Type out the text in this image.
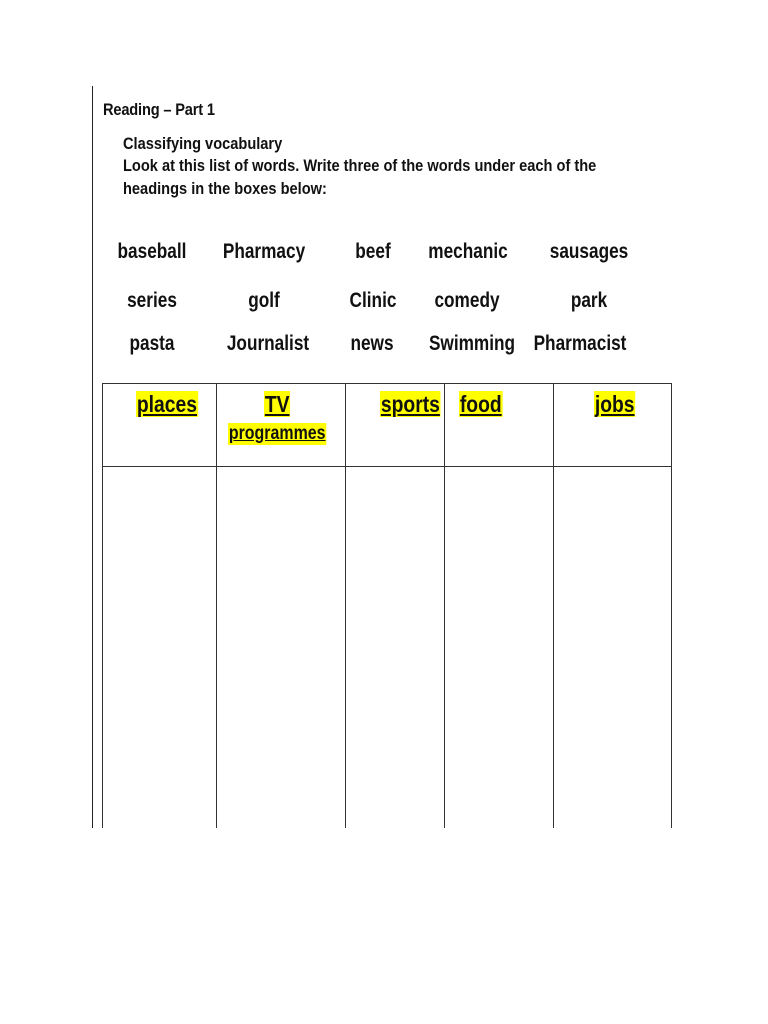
Reading – Part 1
Classifying vocabulary
Look at this list of words. Write three of the words under each of the
headings in the boxes below:
baseball Pharmacy beef mechanic sausages
series	golf	Clinic comedy	park
pasta Journalist news Swimming Pharmacist
places	TV
programmes
sports food	jobs
